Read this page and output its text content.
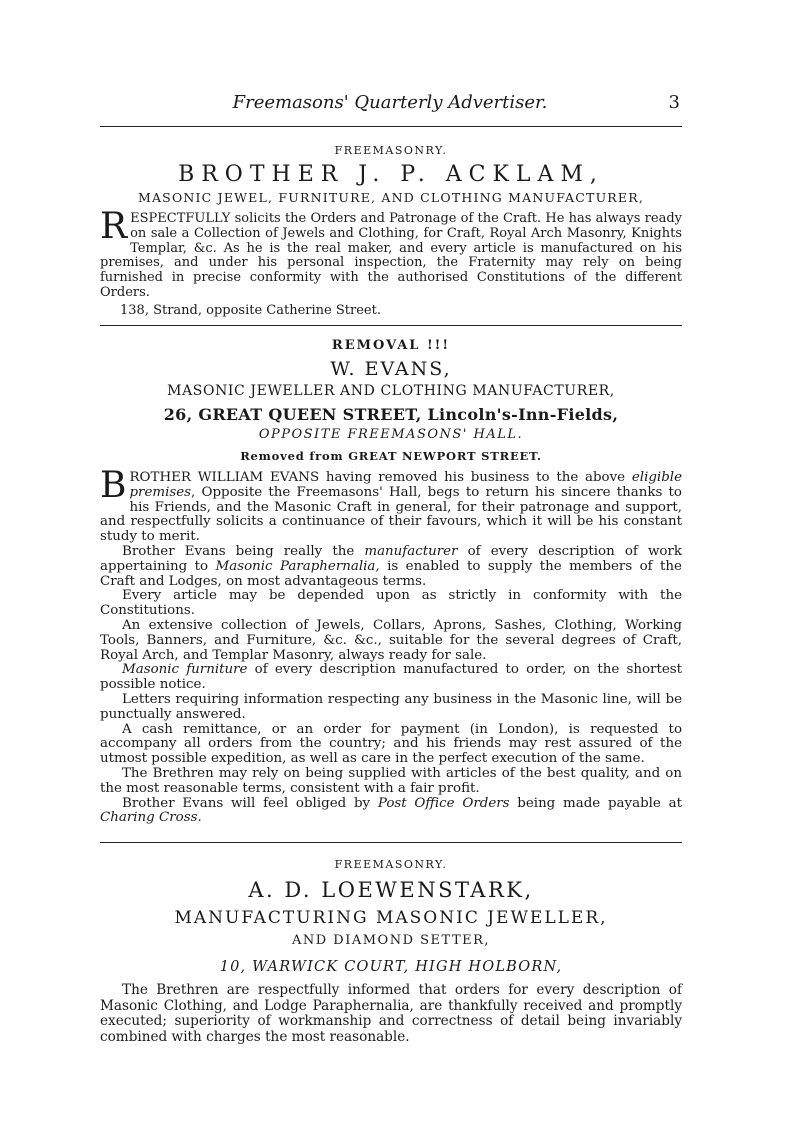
Freemasons' Quarterly Advertiser.	3
FREEMASONRY.
BROTHER J. P. ACKLAM,
MASONIC JEWEL, FURNITURE, AND CLOTHING MANUFACTURER,

RESPECTFULLY solicits the Orders and Patronage of the Craft. He has always ready on sale a Collection of Jewels and Clothing, for Craft, Royal Arch Masonry, Knights Templar, &c. As he is the real maker, and every article is manufactured on his premises, and under his personal inspection, the Fraternity may rely on being furnished in precise conformity with the authorised Constitutions of the different Orders.

138, Strand, opposite Catherine Street.
REMOVAL !!!
W. EVANS,
MASONIC JEWELLER AND CLOTHING MANUFACTURER,
26, GREAT QUEEN STREET, Lincoln's-Inn-Fields,
OPPOSITE FREEMASONS' HALL.
Removed from GREAT NEWPORT STREET.

BROTHER WILLIAM EVANS having removed his business to the above eligible premises, Opposite the Freemasons' Hall, begs to return his sincere thanks to his Friends, and the Masonic Craft in general, for their patronage and support, and respectfully solicits a continuance of their favours, which it will be his constant study to merit.

Brother Evans being really the manufacturer of every description of work appertaining to Masonic Paraphernalia, is enabled to supply the members of the Craft and Lodges, on most advantageous terms.

Every article may be depended upon as strictly in conformity with the Constitutions.

An extensive collection of Jewels, Collars, Aprons, Sashes, Clothing, Working Tools, Banners, and Furniture, &c. &c., suitable for the several degrees of Craft, Royal Arch, and Templar Masonry, always ready for sale.

Masonic furniture of every description manufactured to order, on the shortest possible notice.

Letters requiring information respecting any business in the Masonic line, will be punctually answered.

A cash remittance, or an order for payment (in London), is requested to accompany all orders from the country; and his friends may rest assured of the utmost possible expedition, as well as care in the perfect execution of the same.

The Brethren may rely on being supplied with articles of the best quality, and on the most reasonable terms, consistent with a fair profit.

Brother Evans will feel obliged by Post Office Orders being made payable at Charing Cross.

FREEMASONRY.
A. D. LOEWENSTARK,
MANUFACTURING MASONIC JEWELLER,
AND DIAMOND SETTER,
10, WARWICK COURT, HIGH HOLBORN,

The Brethren are respectfully informed that orders for every description of Masonic Clothing, and Lodge Paraphernalia, are thankfully received and promptly executed; superiority of workmanship and correctness of detail being invariably combined with charges the most reasonable.
